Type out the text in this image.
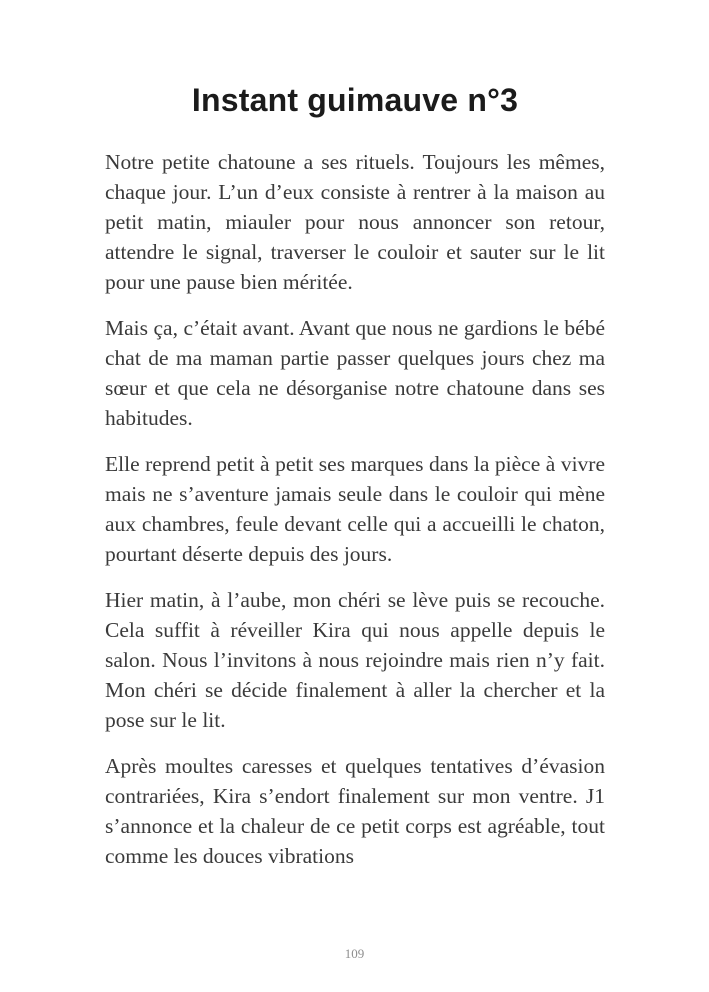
Instant guimauve n°3

Notre petite chatoune a ses rituels. Toujours les mêmes, chaque jour. L’un d’eux consiste à rentrer à la maison au petit matin, miauler pour nous annoncer son retour, attendre le signal, traverser le couloir et sauter sur le lit pour une pause bien méritée.

Mais ça, c’était avant. Avant que nous ne gardions le bébé chat de ma maman partie passer quelques jours chez ma sœur et que cela ne désorganise notre chatoune dans ses habitudes.

Elle reprend petit à petit ses marques dans la pièce à vivre mais ne s’aventure jamais seule dans le couloir qui mène aux chambres, feule devant celle qui a accueilli le chaton, pourtant déserte depuis des jours.

Hier matin, à l’aube, mon chéri se lève puis se recouche. Cela suffit à réveiller Kira qui nous appelle depuis le salon. Nous l’invitons à nous rejoindre mais rien n’y fait. Mon chéri se décide finalement à aller la chercher et la pose sur le lit.

Après moultes caresses et quelques tentatives d’évasion contrariées, Kira s’endort finalement sur mon ventre. J1 s’annonce et la chaleur de ce petit corps est agréable, tout comme les douces vibrations

109
